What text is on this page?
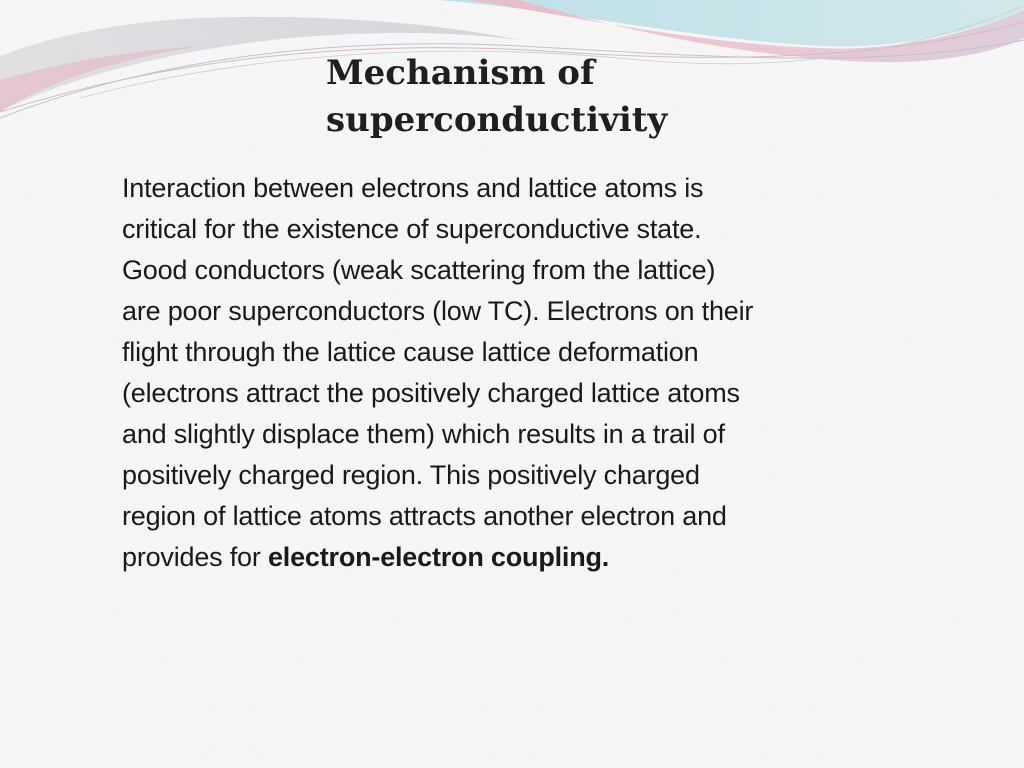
Mechanism of
superconductivity

Interaction between electrons and lattice atoms is
critical for the existence of superconductive state.
Good conductors (weak scattering from the lattice)
are poor superconductors (low TC). Electrons on their
flight through the lattice cause lattice deformation
(electrons attract the positively charged lattice atoms
and slightly displace them) which results in a trail of
positively charged region. This positively charged
region of lattice atoms attracts another electron and
provides for electron-electron coupling.
